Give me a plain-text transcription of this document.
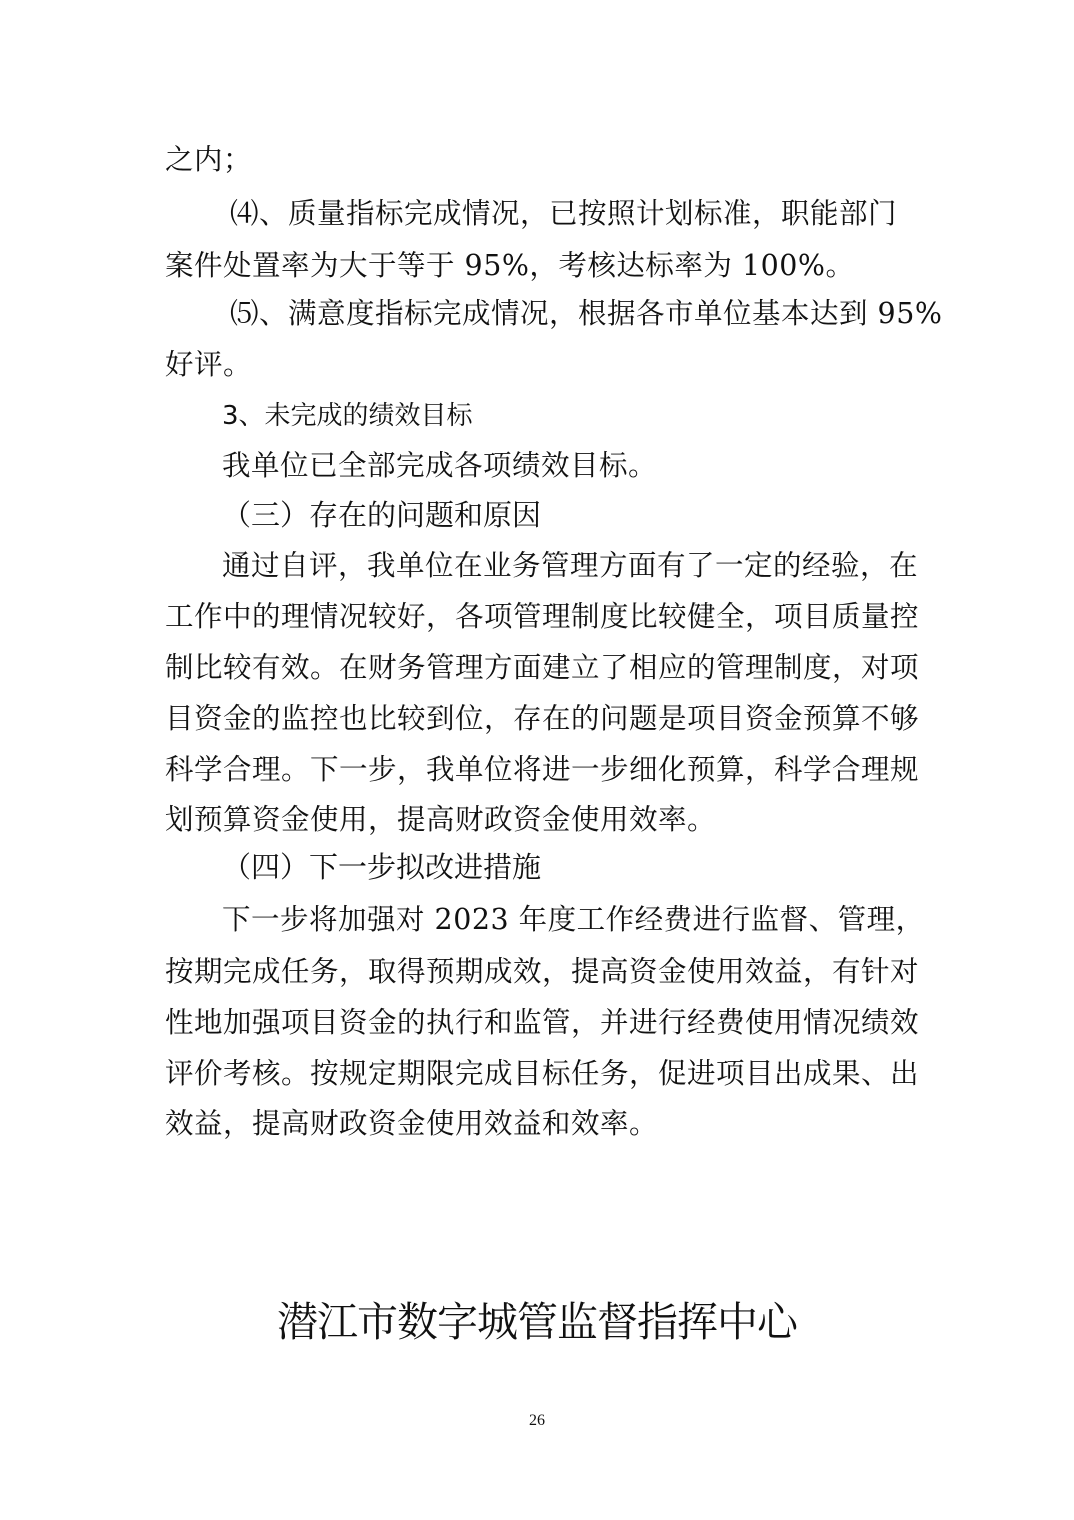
之内；
⑷、质量指标完成情况，已按照计划标准，职能部门
案件处置率为大于等于 95%，考核达标率为 100%。
⑸、满意度指标完成情况，根据各市单位基本达到 95%
好评。
3、未完成的绩效目标
我单位已全部完成各项绩效目标。
（三）存在的问题和原因
通过自评，我单位在业务管理方面有了一定的经验，在
工作中的理情况较好，各项管理制度比较健全，项目质量控
制比较有效。在财务管理方面建立了相应的管理制度，对项
目资金的监控也比较到位，存在的问题是项目资金预算不够
科学合理。下一步，我单位将进一步细化预算，科学合理规
划预算资金使用，提高财政资金使用效率。
（四）下一步拟改进措施
下一步将加强对 2023 年度工作经费进行监督、管理，
按期完成任务，取得预期成效，提高资金使用效益，有针对
性地加强项目资金的执行和监管，并进行经费使用情况绩效
评价考核。按规定期限完成目标任务，促进项目出成果、出
效益，提高财政资金使用效益和效率。
潜江市数字城管监督指挥中心
26
